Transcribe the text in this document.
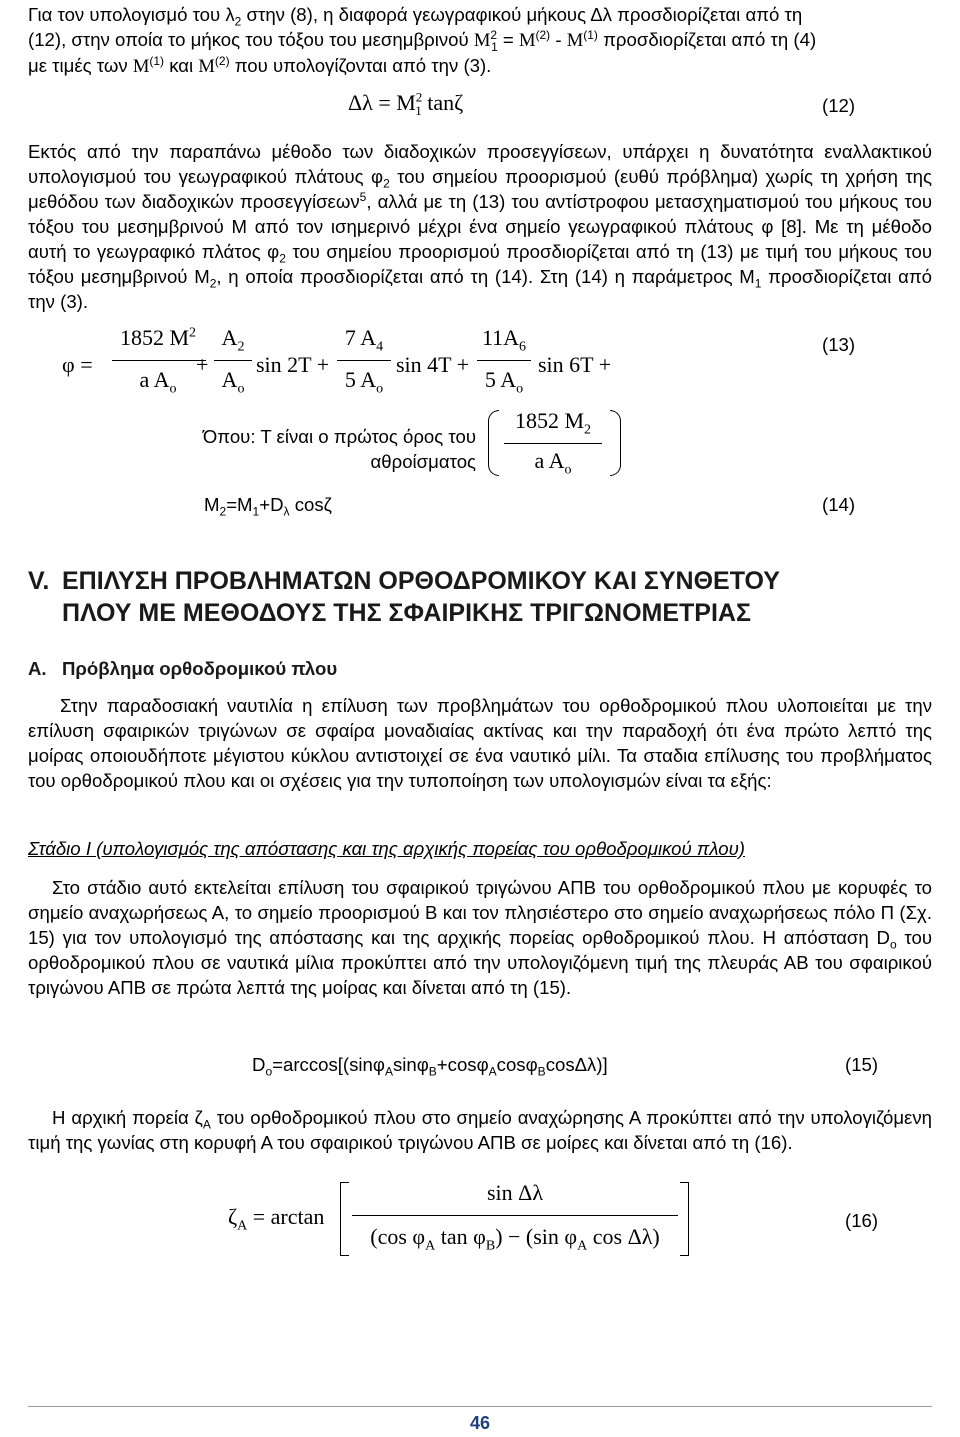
Για τον υπολογισμό του $\lambda_2$ στην (8), η διαφορά γεωγραφικού μήκους Δλ προσδιορίζεται από τη
(12), στην οποία το μήκος του τόξου του μεσημβρινού $M^2_1 = M^{(2)} - M^{(1)}$ προσδιορίζεται από τη (4)
με τιμές των $M^{(1)}$ και $M^{(2)}$ που υπολογίζονται από την (3).
$\Delta\lambda = M^2_1$ tanζ	(12)
Εκτός από την παραπάνω μέθοδο των διαδοχικών προσεγγίσεων, υπάρχει η δυνατότητα εναλλακτικού υπολογισμού του γεωγραφικού πλάτους $\varphi_2$ του σημείου προορισμού (ευθύ πρόβλημα) χωρίς τη χρήση της μεθόδου των διαδοχικών προσεγγίσεων$^5$, αλλά με τη (13) του αντίστροφου μετασχηματισμού του μήκους του τόξου του μεσημβρινού Μ από τον ισημερινό μέχρι ένα σημείο γεωγραφικού πλάτους φ [8]. Με τη μέθοδο αυτή το γεωγραφικό πλάτος $\varphi_2$ του σημείου προορισμού προσδιορίζεται από τη (13) με τιμή του μήκους του τόξου μεσημβρινού $M_2$, η οποία προσδιορίζεται από τη (14). Στη (14) η παράμετρος $M_1$ προσδιορίζεται από την (3).
φ =
1852 $M^2$
a $A_o$
+
$A_2$
$A_o$
sin 2T +
7 $A_4$
5 $A_o$
sin 4T +
$11A_6$
5 $A_o$
sin 6T +
(13)
Όπου: Τ είναι ο πρώτος όρος του
αθροίσματος
1852 $M_2$
a $A_o$
$M_2=M_1+D_\lambda$ cosζ	(14)
V. ΕΠΙΛΥΣΗ ΠΡΟΒΛΗΜΑΤΩΝ ΟΡΘΟΔΡΟΜΙΚΟΥ ΚΑΙ ΣΥΝΘΕΤΟΥ
ΠΛΟΥ ΜΕ ΜΕΘΟΔΟΥΣ ΤΗΣ ΣΦΑΙΡΙΚΗΣ ΤΡΙΓΩΝΟΜΕΤΡΙΑΣ
Α. Πρόβλημα ορθοδρομικού πλου
Στην παραδοσιακή ναυτιλία η επίλυση των προβλημάτων του ορθοδρομικού πλου υλοποιείται με την επίλυση σφαιρικών τριγώνων σε σφαίρα μοναδιαίας ακτίνας και την παραδοχή ότι ένα πρώτο λεπτό της μοίρας οποιουδήποτε μέγιστου κύκλου αντιστοιχεί σε ένα ναυτικό μίλι. Τα σταδια επίλυσης του προβλήματος του ορθοδρομικού πλου και οι σχέσεις για την τυποποίηση των υπολογισμών είναι τα εξής:
Στάδιο I (υπολογισμός της απόστασης και της αρχικής πορείας του ορθοδρομικού πλου)
Στο στάδιο αυτό εκτελείται επίλυση του σφαιρικού τριγώνου ΑΠΒ του ορθοδρομικού πλου με κορυφές το σημείο αναχωρήσεως Α, το σημείο προορισμού Β και τον πλησιέστερο στο σημείο αναχωρήσεως πόλο Π (Σχ. 15) για τον υπολογισμό της απόστασης και της αρχικής πορείας ορθοδρομικού πλου. Η απόσταση $D_o$ του ορθοδρομικού πλου σε ναυτικά μίλια προκύπτει από την υπολογιζόμενη τιμή της πλευράς ΑΒ του σφαιρικού τριγώνου ΑΠΒ σε πρώτα λεπτά της μοίρας και δίνεται από τη (15).
$D_o=\arccos[(\sin\varphi_A\sin\varphi_B+\cos\varphi_A\cos\varphi_B\cos\Delta\lambda)]$	(15)
Η αρχική πορεία $\zeta_A$ του ορθοδρομικού πλου στο σημείο αναχώρησης Α προκύπτει από την υπολογιζόμενη τιμή της γωνίας στη κορυφή Α του σφαιρικού τριγώνου ΑΠΒ σε μοίρες και δίνεται από τη (16).
$\zeta_A = \arctan$
sin Δλ
(cos $\varphi_A$ $\tan \varphi_B) - (\sin$ $\varphi_A$ cos Δλ)
(16)
46
